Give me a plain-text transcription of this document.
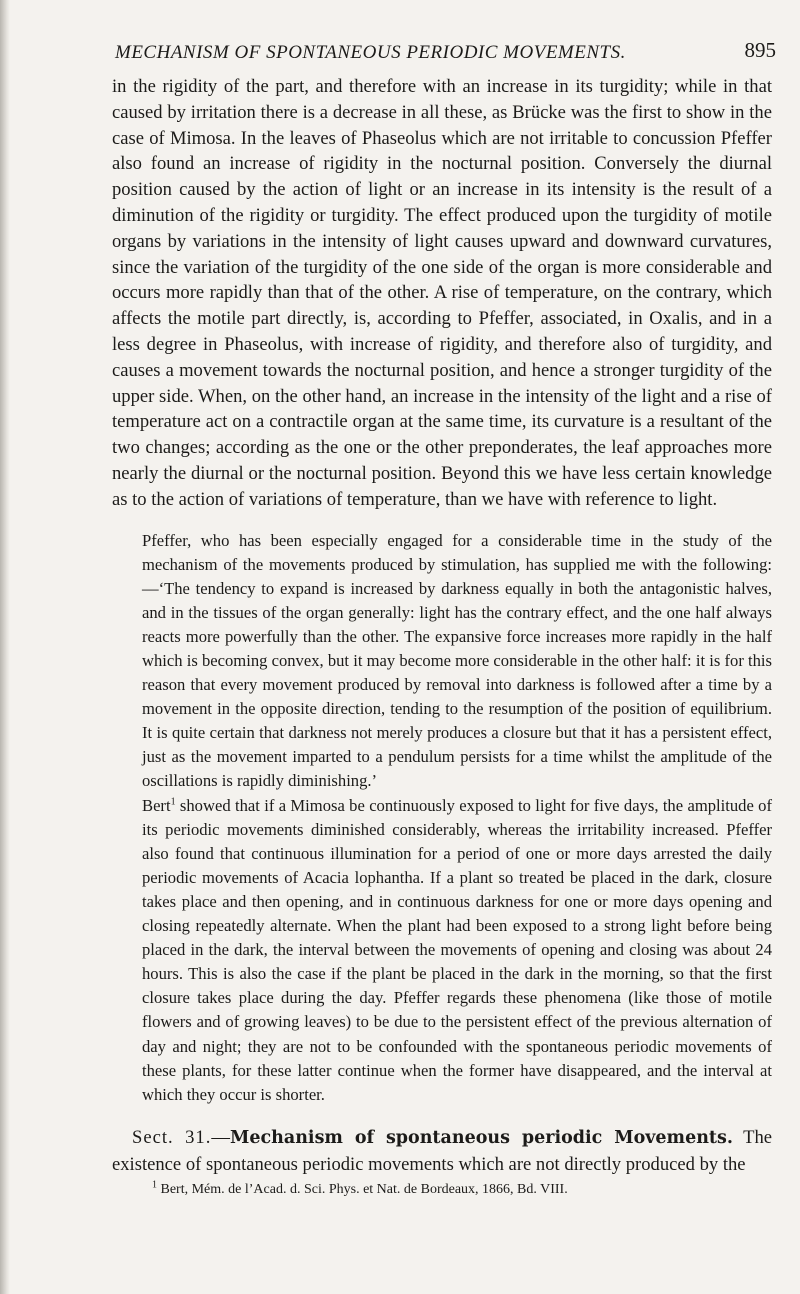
MECHANISM OF SPONTANEOUS PERIODIC MOVEMENTS.	895

in the rigidity of the part, and therefore with an increase in its turgidity; while in that caused by irritation there is a decrease in all these, as Brücke was the first to show in the case of Mimosa. In the leaves of Phaseolus which are not irritable to concussion Pfeffer also found an increase of rigidity in the nocturnal position. Conversely the diurnal position caused by the action of light or an increase in its intensity is the result of a diminution of the rigidity or turgidity. The effect produced upon the turgidity of motile organs by variations in the intensity of light causes upward and downward curvatures, since the variation of the turgidity of the one side of the organ is more considerable and occurs more rapidly than that of the other. A rise of temperature, on the contrary, which affects the motile part directly, is, according to Pfeffer, associated, in Oxalis, and in a less degree in Phaseolus, with increase of rigidity, and therefore also of turgidity, and causes a movement towards the nocturnal position, and hence a stronger turgidity of the upper side. When, on the other hand, an increase in the intensity of the light and a rise of temperature act on a contractile organ at the same time, its curvature is a resultant of the two changes; according as the one or the other preponderates, the leaf approaches more nearly the diurnal or the nocturnal position. Beyond this we have less certain knowledge as to the action of variations of temperature, than we have with reference to light.

Pfeffer, who has been especially engaged for a considerable time in the study of the mechanism of the movements produced by stimulation, has supplied me with the following:—‘The tendency to expand is increased by darkness equally in both the antagonistic halves, and in the tissues of the organ generally: light has the contrary effect, and the one half always reacts more powerfully than the other. The expansive force increases more rapidly in the half which is becoming convex, but it may become more considerable in the other half: it is for this reason that every movement produced by removal into darkness is followed after a time by a movement in the opposite direction, tending to the resumption of the position of equilibrium. It is quite certain that darkness not merely produces a closure but that it has a persistent effect, just as the movement imparted to a pendulum persists for a time whilst the amplitude of the oscillations is rapidly diminishing.’

Bert$^1$ showed that if a Mimosa be continuously exposed to light for five days, the amplitude of its periodic movements diminished considerably, whereas the irritability increased. Pfeffer also found that continuous illumination for a period of one or more days arrested the daily periodic movements of Acacia lophantha. If a plant so treated be placed in the dark, closure takes place and then opening, and in continuous darkness for one or more days opening and closing repeatedly alternate. When the plant had been exposed to a strong light before being placed in the dark, the interval between the movements of opening and closing was about 24 hours. This is also the case if the plant be placed in the dark in the morning, so that the first closure takes place during the day. Pfeffer regards these phenomena (like those of motile flowers and of growing leaves) to be due to the persistent effect of the previous alternation of day and night; they are not to be confounded with the spontaneous periodic movements of these plants, for these latter continue when the former have disappeared, and the interval at which they occur is shorter.

Sect. 31.—Mechanism of spontaneous periodic Movements. The existence of spontaneous periodic movements which are not directly produced by the

$^1$ Bert, Mém. de l’Acad. d. Sci. Phys. et Nat. de Bordeaux, 1866, Bd. VIII.
